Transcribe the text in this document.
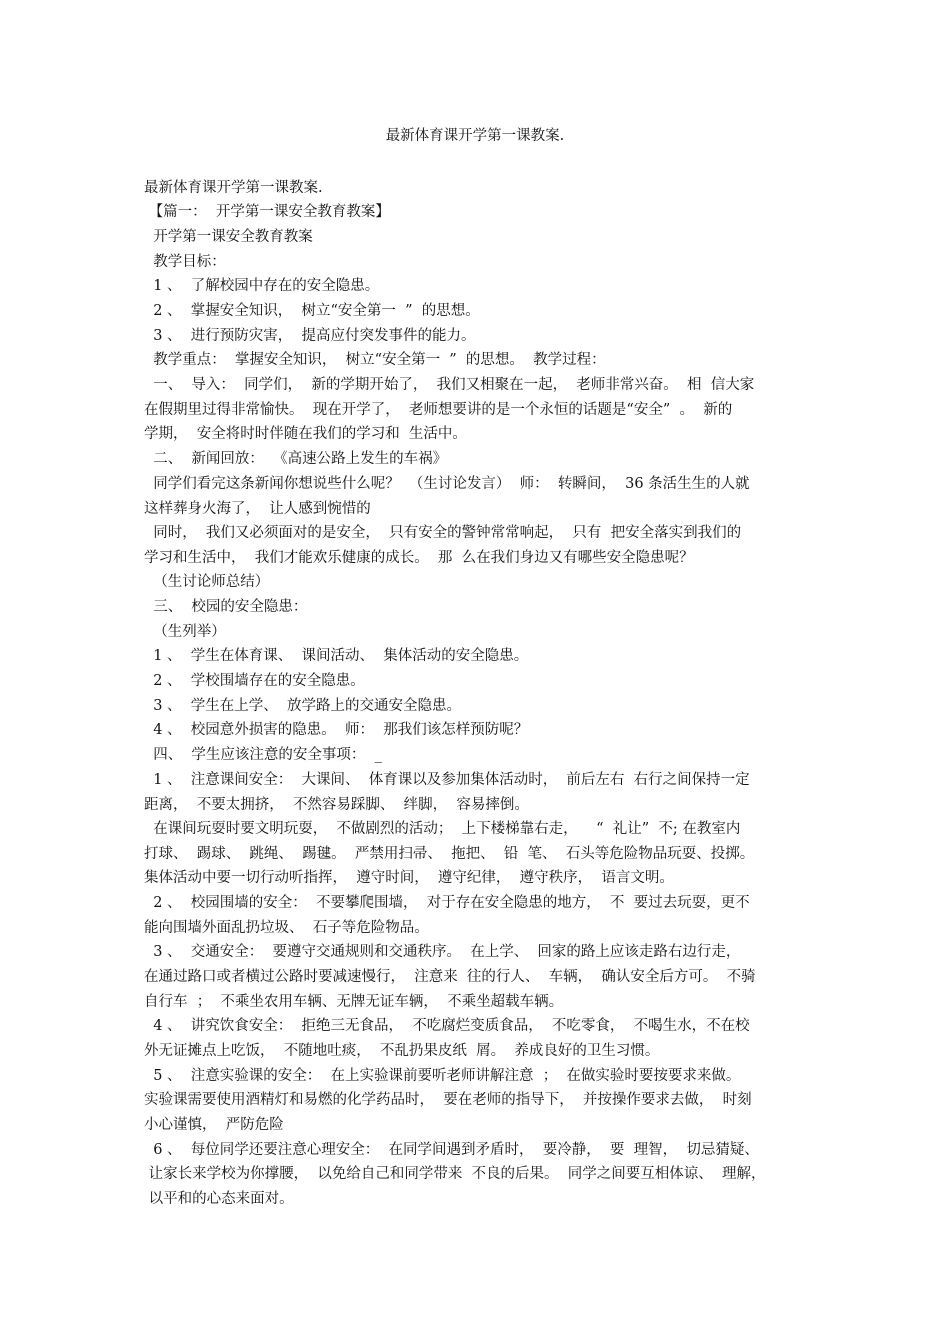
最新体育课开学第一课教案.
最新体育课开学第一课教案.
【篇一：  开学第一课安全教育教案】
开学第一课安全教育教案
教学目标：
1 、  了解校园中存在的安全隐患。
2 、  掌握安全知识，  树立“安全第一  ”  的思想。
3 、  进行预防灾害，  提高应付突发事件的能力。
教学重点：  掌握安全知识，  树立“安全第一  ”  的思想。  教学过程：
一、  导入：  同学们，  新的学期开始了，  我们又相聚在一起，  老师非常兴奋。  相  信大家
在假期里过得非常愉快。  现在开学了，  老师想要讲的是一个永恒的话题是“安全”  。  新的
学期，  安全将时时伴随在我们的学习和  生活中。
二、  新闻回放：  《高速公路上发生的车祸》
同学们看完这条新闻你想说些什么呢？  （生讨论发言）  师：  转瞬间，  36 条活生生的人就
这样葬身火海了，  让人感到惋惜的
同时，  我们又必须面对的是安全，  只有安全的警钟常常响起，  只有  把安全落实到我们的
学习和生活中，  我们才能欢乐健康的成长。  那  么在我们身边又有哪些安全隐患呢？
（生讨论师总结）
三、  校园的安全隐患：
（生列举）
1 、  学生在体育课、  课间活动、  集体活动的安全隐患。
2 、  学校围墙存在的安全隐患。
3 、  学生在上学、  放学路上的交通安全隐患。
4 、  校园意外损害的隐患。  师：  那我们该怎样预防呢？
四、  学生应该注意的安全事项：  _
1 、  注意课间安全：  大课间、  体育课以及参加集体活动时，  前后左右  右行之间保持一定
距离，  不要太拥挤，  不然容易踩脚、  绊脚，  容易摔倒。
在课间玩耍时要文明玩耍，  不做剧烈的活动；  上下楼梯靠右走，    “  礼让”  不; 在教室内
打球、  踢球、  跳绳、  踢毽。  严禁用扫帚、  拖把、  铅  笔、  石头等危险物品玩耍、投掷。
集体活动中要一切行动听指挥，  遵守时间，  遵守纪律，  遵守秩序，  语言文明。
2 、  校园围墙的安全：  不要攀爬围墙，  对于存在安全隐患的地方，  不  要过去玩耍，更不
能向围墙外面乱扔垃圾、  石子等危险物品。
3 、  交通安全：  要遵守交通规则和交通秩序。  在上学、  回家的路上应该走路右边行走，
在通过路口或者横过公路时要减速慢行，  注意来  往的行人、  车辆，  确认安全后方可。  不骑
自行车  ；  不乘坐农用车辆、无牌无证车辆，  不乘坐超载车辆。
4 、  讲究饮食安全：  拒绝三无食品，  不吃腐烂变质食品，  不吃零食，  不喝生水，不在校
外无证摊点上吃饭，  不随地吐痰，  不乱扔果皮纸  屑。  养成良好的卫生习惯。
5 、  注意实验课的安全：  在上实验课前要听老师讲解注意  ；  在做实验时要按要求来做。
实验课需要使用酒精灯和易燃的化学药品时，  要在老师的指导下，  并按操作要求去做，  时刻
小心谨慎，  严防危险
6 、  每位同学还要注意心理安全：  在同学间遇到矛盾时，  要冷静，  要  理智，  切忌猜疑、
让家长来学校为你撑腰，  以免给自己和同学带来  不良的后果。  同学之间要互相体谅、  理解，
以平和的心态来面对。
